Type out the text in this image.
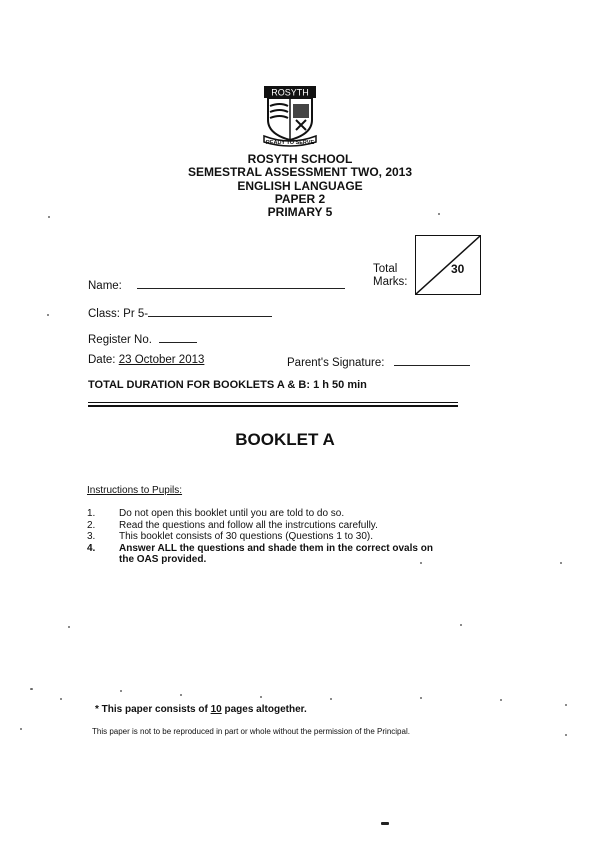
ROSYTH
READY TO SERVE
ROSYTH SCHOOL
SEMESTRAL ASSESSMENT TWO, 2013
ENGLISH LANGUAGE
PAPER 2
PRIMARY 5
Total
Marks:
30
Name:
Class: Pr 5-
Register No.
Date: 23 October 2013	Parent's Signature:
TOTAL DURATION FOR BOOKLETS A & B: 1 h 50 min
BOOKLET A
Instructions to Pupils:
1.	Do not open this booklet until you are told to do so.
2.	Read the questions and follow all the instrcutions carefully.
3.	This booklet consists of 30 questions (Questions 1 to 30).
4.	Answer ALL the questions and shade them in the correct ovals on the OAS provided.
* This paper consists of 10 pages altogether.
This paper is not to be reproduced in part or whole without the permission of the Principal.
